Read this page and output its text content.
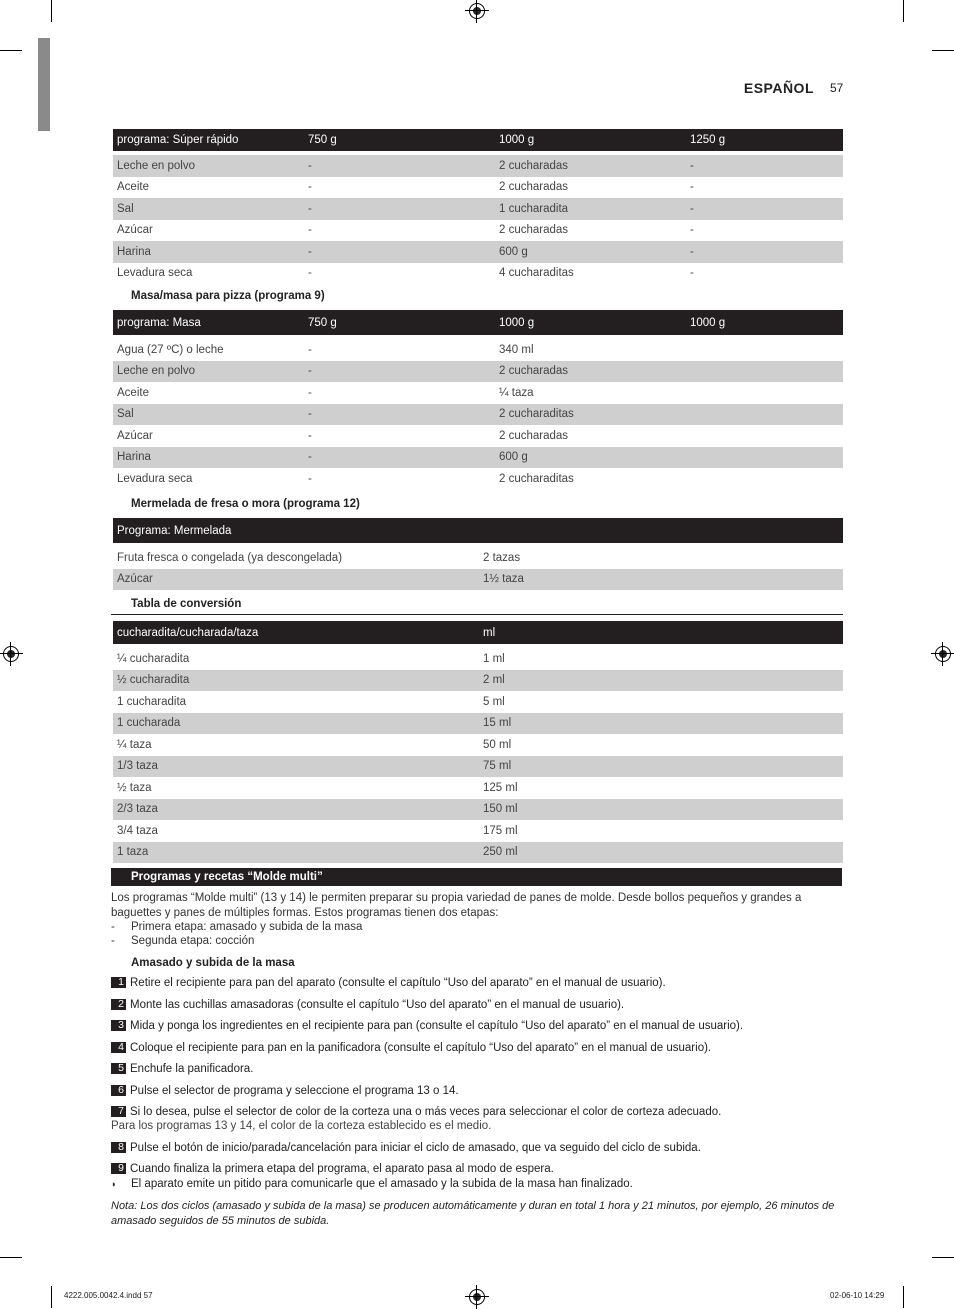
ESPAÑOL 57
programa: Súper rápido	750 g	1000 g	1250 g

Leche en polvo	-	2 cucharadas	-
Aceite	-	2 cucharadas	-
Sal	-	1 cucharadita	-
Azúcar	-	2 cucharadas	-
Harina	-	600 g	-
Levadura seca	-	4 cucharaditas	-
Masa/masa para pizza (programa 9)
programa: Masa	750 g	1000 g	1000 g

Agua (27 ºC) o leche	-	340 ml	
Leche en polvo	-	2 cucharadas	
Aceite	-	¼ taza	
Sal	-	2 cucharaditas	
Azúcar	-	2 cucharadas	
Harina	-	600 g	
Levadura seca	-	2 cucharaditas	
Mermelada de fresa o mora (programa 12)
Programa: Mermelada	

Fruta fresca o congelada (ya descongelada)	2 tazas
Azúcar	1½ taza
Tabla de conversión
cucharadita/cucharada/taza	ml

¼ cucharadita	1 ml
½ cucharadita	2 ml
1 cucharadita	5 ml
1 cucharada	15 ml
¼ taza	50 ml
1/3 taza	75 ml
½ taza	125 ml
2/3 taza	150 ml
3/4 taza	175 ml
1 taza	250 ml
Programas y recetas “Molde multi”
Los programas “Molde multi” (13 y 14) le permiten preparar su propia variedad de panes de molde. Desde bollos pequeños y grandes a baguettes y panes de múltiples formas. Estos programas tienen dos etapas:
- Primera etapa: amasado y subida de la masa
- Segunda etapa: cocción
Amasado y subida de la masa
1 Retire el recipiente para pan del aparato (consulte el capítulo “Uso del aparato” en el manual de usuario).
2 Monte las cuchillas amasadoras (consulte el capítulo “Uso del aparato” en el manual de usuario).
3 Mida y ponga los ingredientes en el recipiente para pan (consulte el capítulo “Uso del aparato” en el manual de usuario).
4 Coloque el recipiente para pan en la panificadora (consulte el capítulo “Uso del aparato” en el manual de usuario).
5 Enchufe la panificadora.
6 Pulse el selector de programa y seleccione el programa 13 o 14.
7 Si lo desea, pulse el selector de color de la corteza una o más veces para seleccionar el color de corteza adecuado.
Para los programas 13 y 14, el color de la corteza establecido es el medio.
8 Pulse el botón de inicio/parada/cancelación para iniciar el ciclo de amasado, que va seguido del ciclo de subida.
9 Cuando finaliza la primera etapa del programa, el aparato pasa al modo de espera.
◗ El aparato emite un pitido para comunicarle que el amasado y la subida de la masa han finalizado.
Nota: Los dos ciclos (amasado y subida de la masa) se producen automáticamente y duran en total 1 hora y 21 minutos, por ejemplo, 26 minutos de amasado seguidos de 55 minutos de subida.
4222.005.0042.4.indd 57	02-06-10 14:29
